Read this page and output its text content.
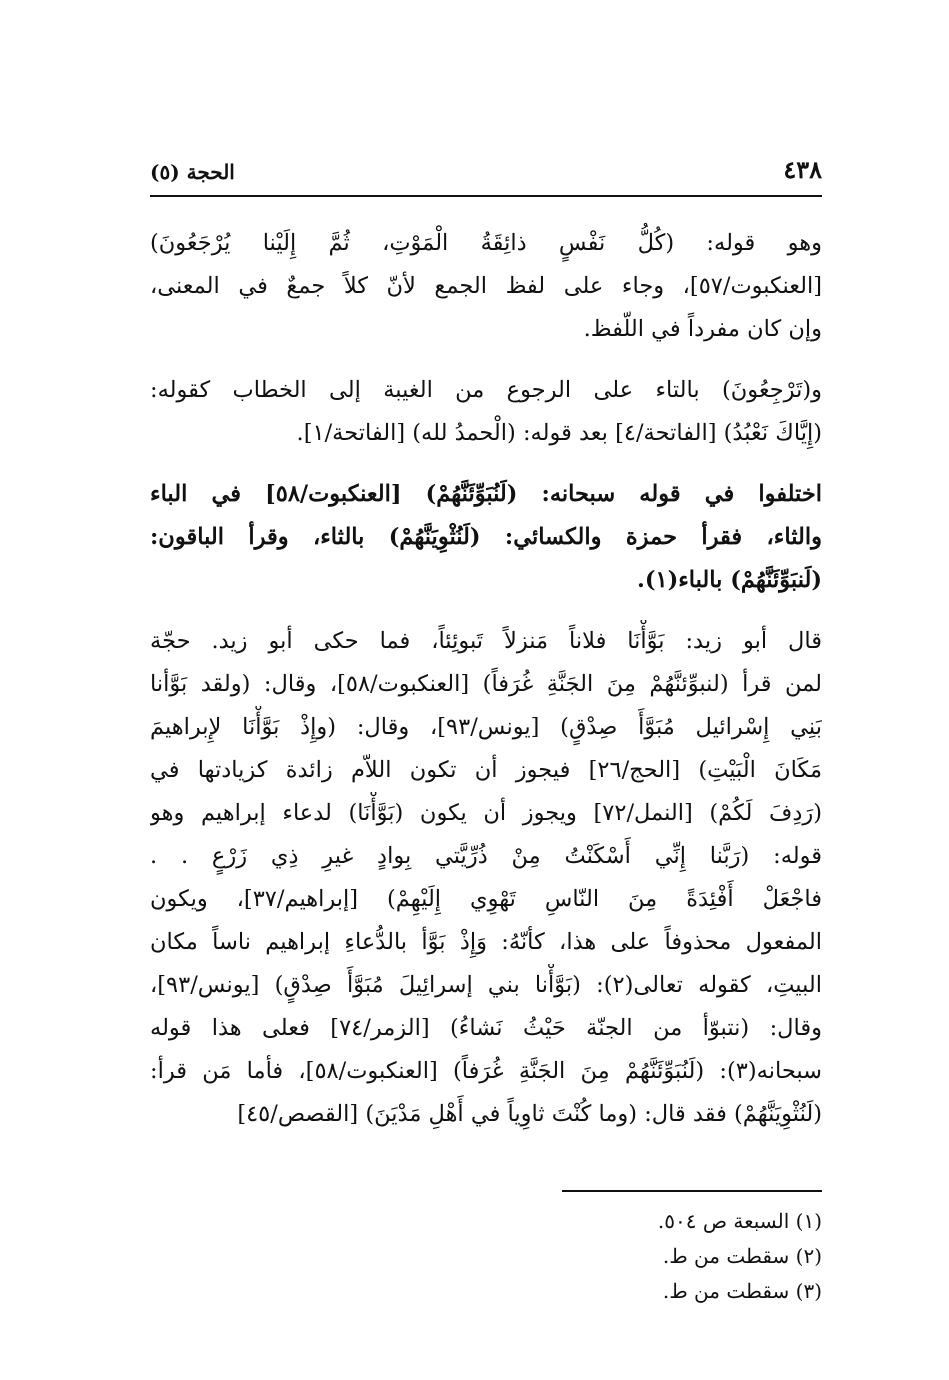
٤٣٨
الحجة (٥)
وهو قوله: (كُلُّ نَفْسٍ ذائِقَةُ الْمَوْتِ، ثُمَّ إِلَيْنا يُرْجَعُونَ)
[العنكبوت/٥٧]، وجاء على لفظ الجمع لأنّ كلاً جمعٌ في المعنى،
وإن كان مفرداً في اللّفظ.
و(تَرْجِعُونَ) بالتاء على الرجوع من الغيبة إلى الخطاب كقوله:
(إِيَّاكَ نَعْبُدُ) [الفاتحة/٤] بعد قوله: (الْحمدُ لله) [الفاتحة/١].
اختلفوا في قوله سبحانه: (لَنُبَوِّئَنَّهُمْ) [العنكبوت/٥٨] في الباء
والثاء، فقرأ حمزة والكسائي: (لَنُثْوِيَنَّهُمْ) بالثاء، وقرأ الباقون:
(لَنبَوِّئَنَّهُمْ) بالباء(١).
قال أبو زيد: بَوَّأْنَا فلاناً مَنزلاً تَبوئِئاً، فما حكى أبو زيد. حجّة
لمن قرأ (لنبوِّئنَّهُمْ مِنَ الجَنَّةِ غُرَفاً) [العنكبوت/٥٨]، وقال: (ولقد بَوَّأنا
بَنِي إِسْرائيل مُبَوَّأَ صِدْقٍ) [يونس/٩٣]، وقال: (وإِذْ بَوَّأْنَا لإِبراهيمَ
مَكَانَ الْبَيْتِ) [الحج/٢٦] فيجوز أن تكون اللاّم زائدة كزيادتها في
(رَدِفَ لَكُمْ) [النمل/٧٢] ويجوز أن يكون (بَوَّأْنَا) لدعاء إبراهيم وهو
قوله: (رَبَّنا إِنِّي أَسْكَنْتُ مِنْ ذُرِّيَّتي بِوادٍ غيرِ ذِي زَرْعٍ . .
فاجْعَلْ أَفْئِدَةً مِنَ النّاسِ تَهْوِي إِلَيْهِمْ) [إبراهيم/٣٧]، ويكون
المفعول محذوفاً على هذا، كأنّهُ: وَإِذْ بَوَّأ بالدُّعاءِ إبراهيم ناساً مكان
البيتِ، كقوله تعالى(٢): (بَوَّأْنا بني إسرائِيلَ مُبَوَّأَ صِدْقٍ) [يونس/٩٣]،
وقال: (نتبوّأ من الجنّة حَيْثُ نَشاءُ) [الزمر/٧٤] فعلى هذا قوله
سبحانه(٣): (لَنُبَوِّئَنَّهُمْ مِنَ الجَنَّةِ غُرَفاً) [العنكبوت/٥٨]، فأما مَن قرأ:
(لَنُثْوِيَنَّهُمْ) فقد قال: (وما كُنْتَ ثاوِياً في أَهْلِ مَدْيَنَ) [القصص/٤٥]
(١) السبعة ص ٥٠٤.
(٢) سقطت من ط.
(٣) سقطت من ط.
